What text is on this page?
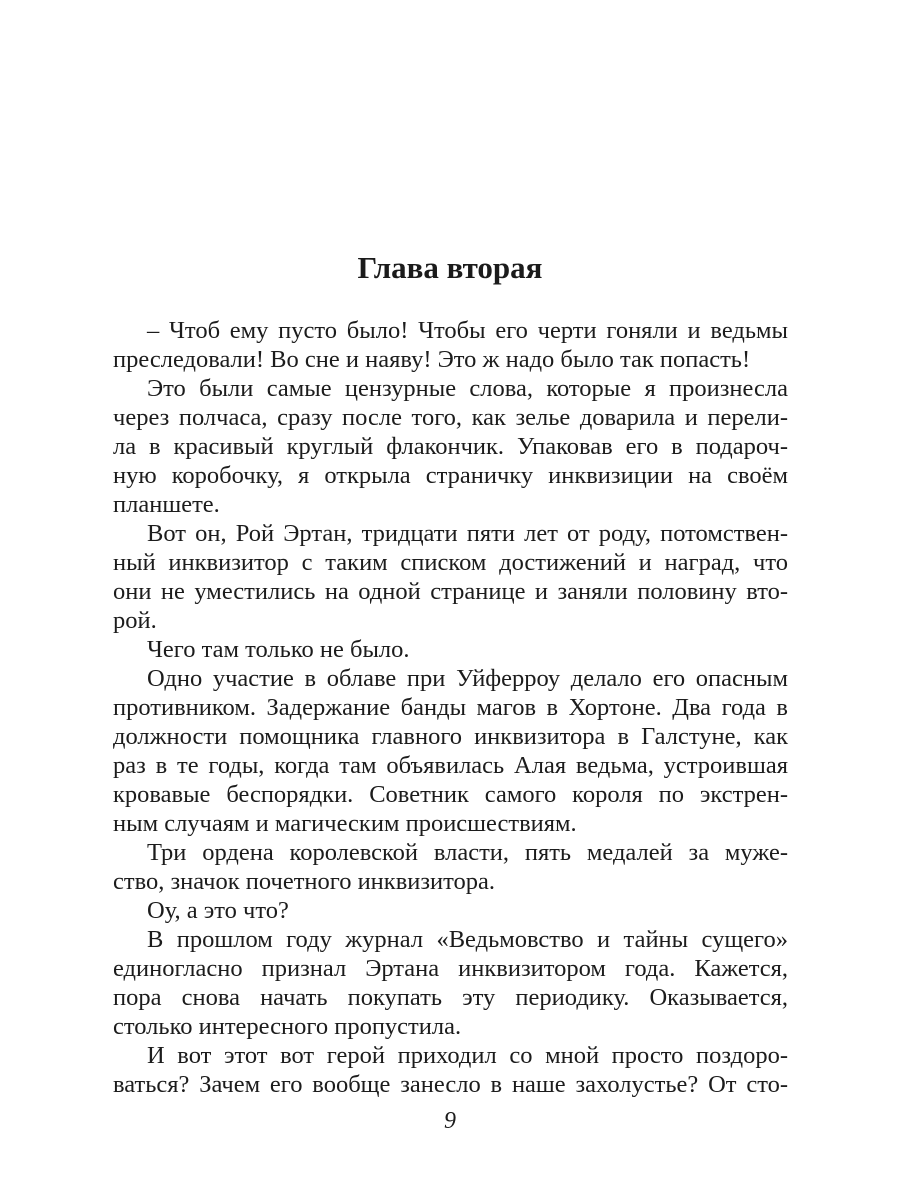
Глава вторая
– Чтоб ему пусто было! Чтобы его черти гоняли и ведьмы
преследовали! Во сне и наяву! Это ж надо было так попасть!
Это были самые цензурные слова, которые я произнесла
через полчаса, сразу после того, как зелье доварила и перели-
ла в красивый круглый флакончик. Упаковав его в подароч-
ную коробочку, я открыла страничку инквизиции на своём
планшете.
Вот он, Рой Эртан, тридцати пяти лет от роду, потомствен-
ный инквизитор с таким списком достижений и наград, что
они не уместились на одной странице и заняли половину вто-
рой.
Чего там только не было.
Одно участие в облаве при Уйферроу делало его опасным
противником. Задержание банды магов в Хортоне. Два года в
должности помощника главного инквизитора в Галстуне, как
раз в те годы, когда там объявилась Алая ведьма, устроившая
кровавые беспорядки. Советник самого короля по экстрен-
ным случаям и магическим происшествиям.
Три ордена королевской власти, пять медалей за муже-
ство, значок почетного инквизитора.
Оу, а это что?
В прошлом году журнал «Ведьмовство и тайны сущего»
единогласно признал Эртана инквизитором года. Кажется,
пора снова начать покупать эту периодику. Оказывается,
столько интересного пропустила.
И вот этот вот герой приходил со мной просто поздоро-
ваться? Зачем его вообще занесло в наше захолустье? От сто-
9
